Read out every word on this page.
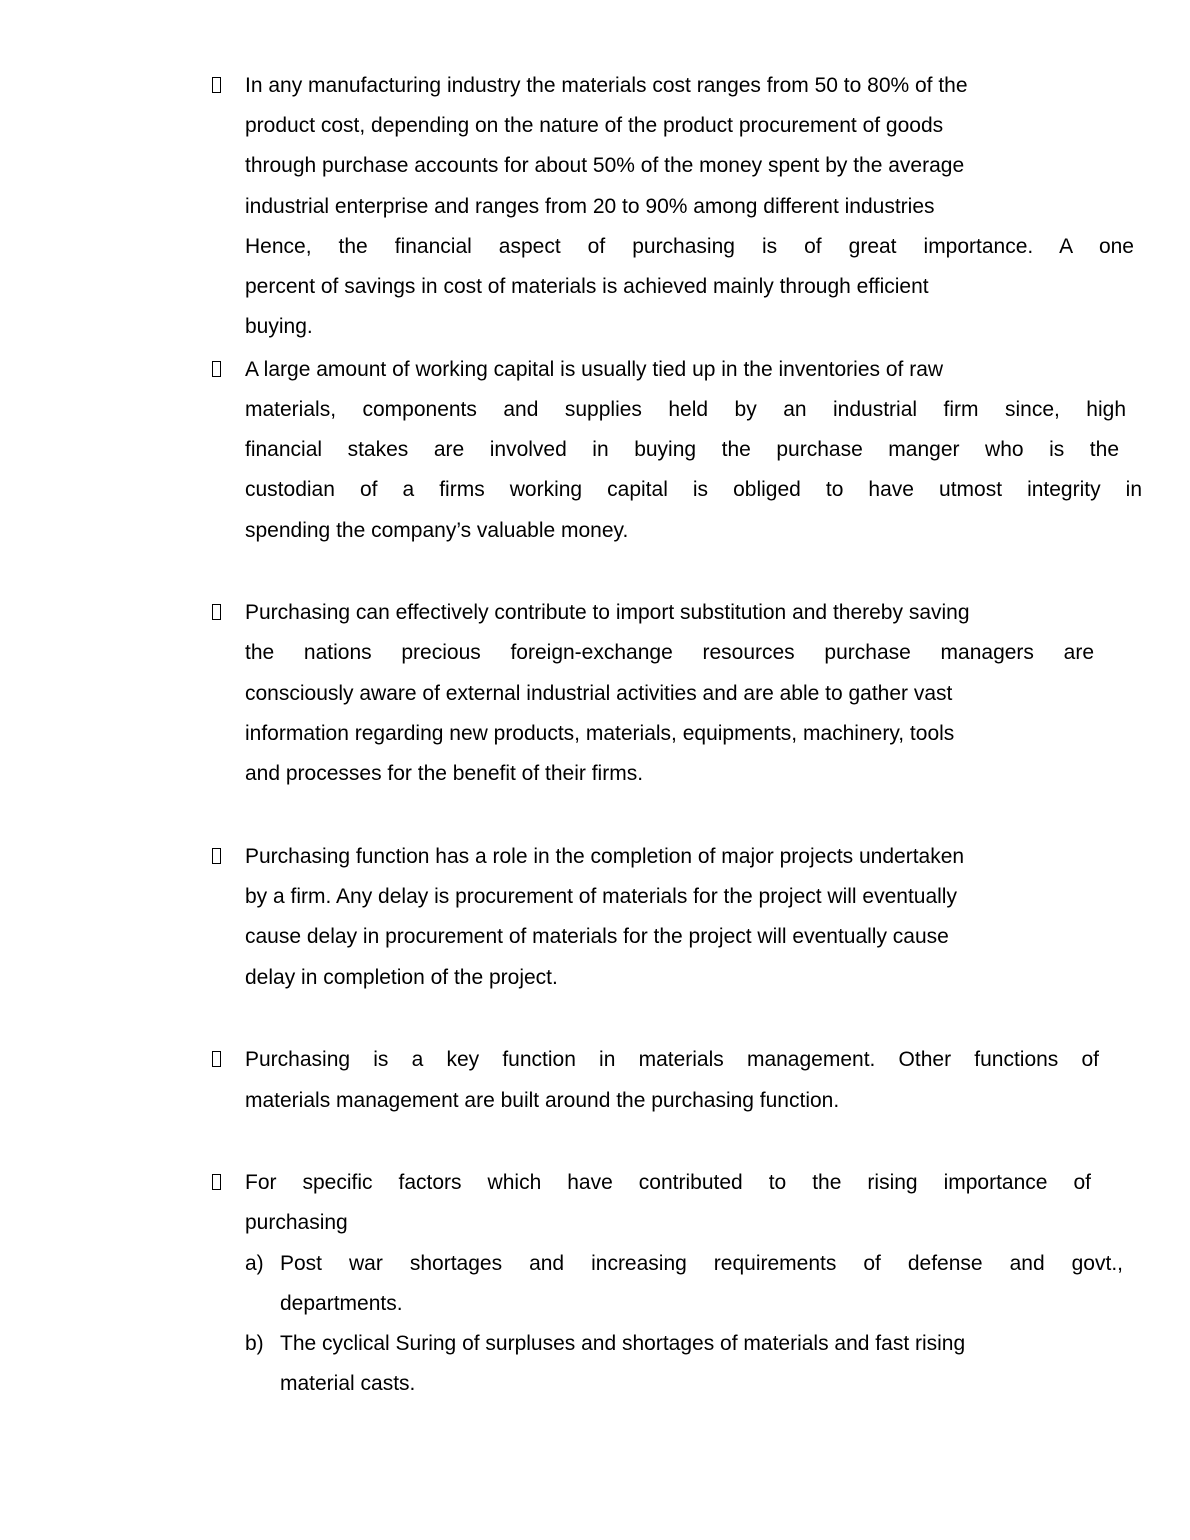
In any manufacturing industry the materials cost ranges from 50 to 80% of the
product cost, depending on the nature of the product procurement of goods
through purchase accounts for about 50% of the money spent by the average
industrial enterprise and ranges from 20 to 90% among different industries
Hence, the financial aspect of purchasing is of great importance. A one
percent of savings in cost of materials is achieved mainly through efficient
buying.
A large amount of working capital is usually tied up in the inventories of raw
materials, components and supplies held by an industrial firm since, high
financial stakes are involved in buying the purchase manger who is the
custodian of a firms working capital is obliged to have utmost integrity in
spending the company’s valuable money.
Purchasing can effectively contribute to import substitution and thereby saving
the nations precious foreign-exchange resources purchase managers are
consciously aware of external industrial activities and are able to gather vast
information regarding new products, materials, equipments, machinery, tools
and processes for the benefit of their firms.
Purchasing function has a role in the completion of major projects undertaken
by a firm. Any delay is procurement of materials for the project will eventually
cause delay in procurement of materials for the project will eventually cause
delay in completion of the project.
Purchasing is a key function in materials management. Other functions of
materials management are built around the purchasing function.
For specific factors which have contributed to the rising importance of
purchasing
a) Post war shortages and increasing requirements of defense and govt.,
departments.
b) The cyclical Suring of surpluses and shortages of materials and fast rising
material casts.
